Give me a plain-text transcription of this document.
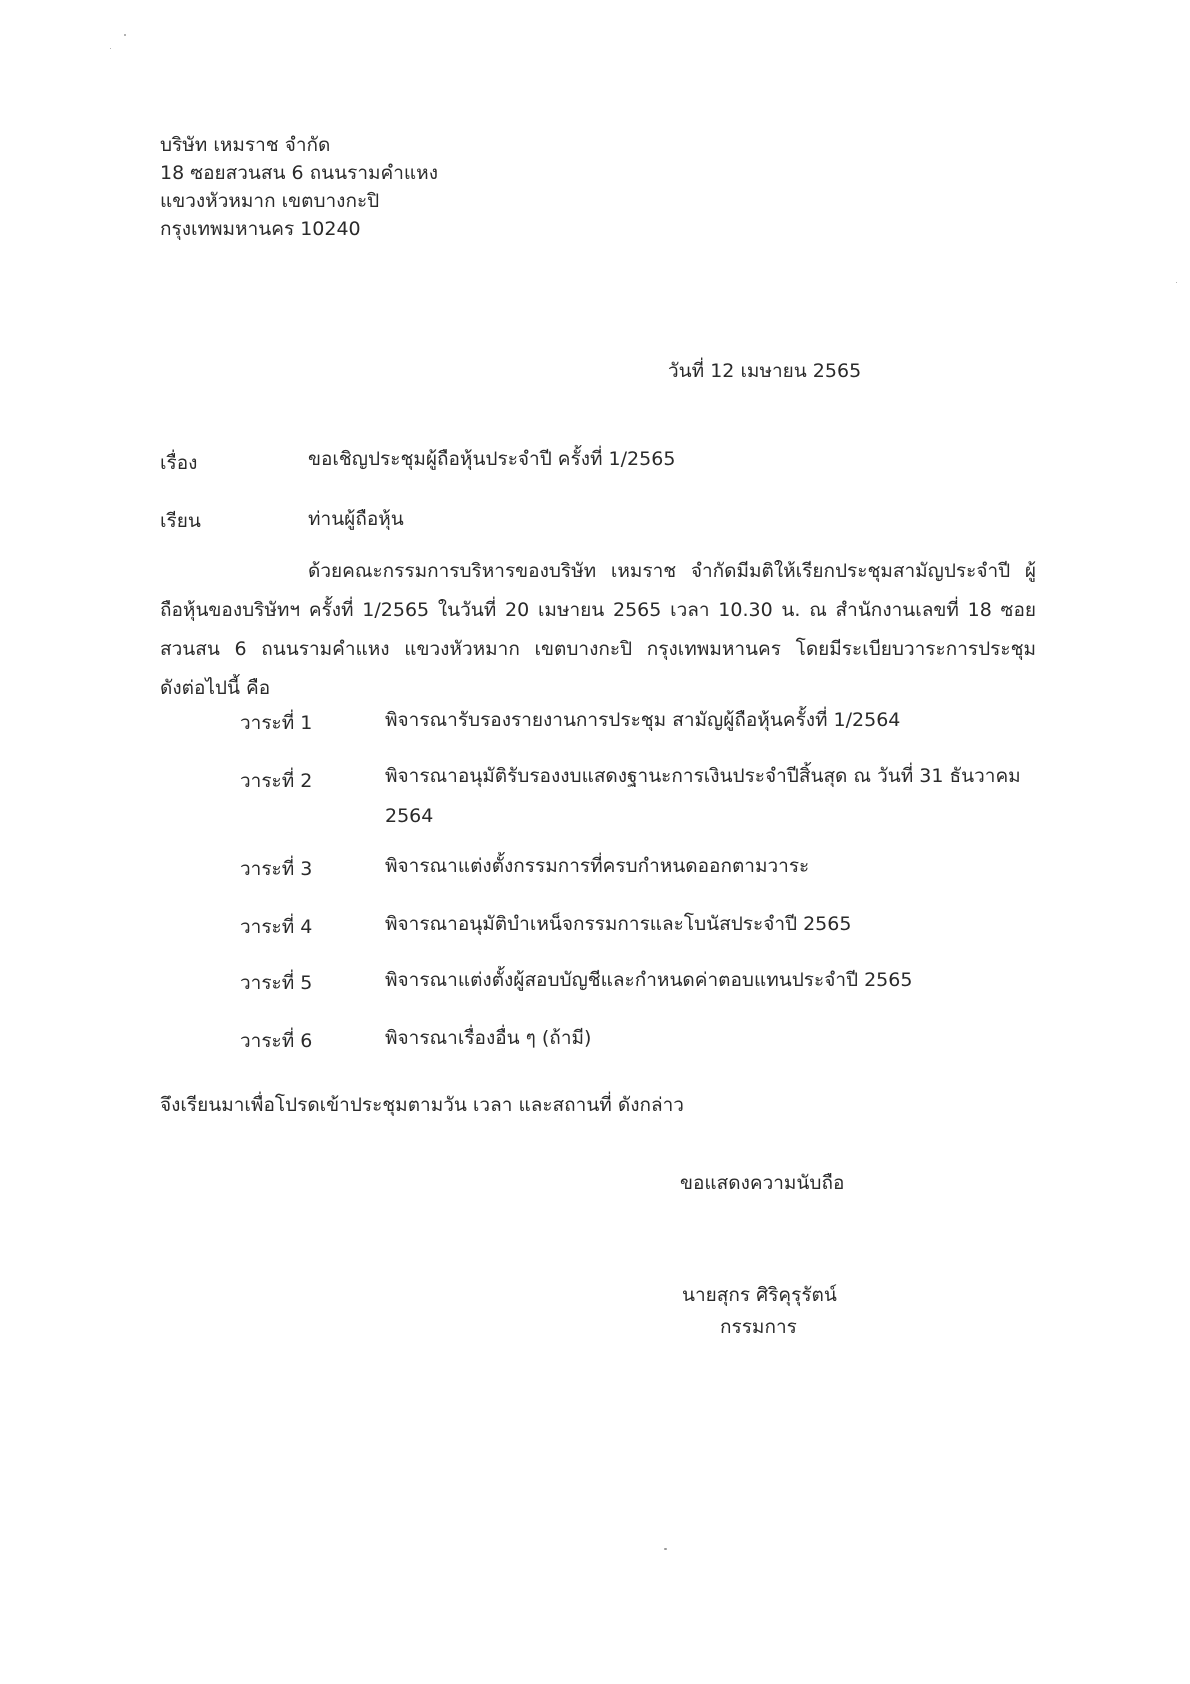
บริษัท เหมราช จำกัด
18 ซอยสวนสน 6 ถนนรามคำแหง
แขวงหัวหมาก เขตบางกะปิ
กรุงเทพมหานคร 10240
วันที่ 12 เมษายน 2565
เรื่อง	ขอเชิญประชุมผู้ถือหุ้นประจำปี ครั้งที่ 1/2565
เรียน	ท่านผู้ถือหุ้น
ด้วยคณะกรรมการบริหารของบริษัท เหมราช จำกัดมีมติให้เรียกประชุมสามัญประจำปี ผู้
ถือหุ้นของบริษัทฯ ครั้งที่ 1/2565 ในวันที่ 20 เมษายน 2565 เวลา 10.30 น. ณ สำนักงานเลขที่ 18 ซอย
สวนสน 6 ถนนรามคำแหง แขวงหัวหมาก เขตบางกะปิ กรุงเทพมหานคร โดยมีระเบียบวาระการประชุม
ดังต่อไปนี้ คือ
วาระที่ 1	พิจารณารับรองรายงานการประชุม สามัญผู้ถือหุ้นครั้งที่ 1/2564
วาระที่ 2	พิจารณาอนุมัติรับรองงบแสดงฐานะการเงินประจำปีสิ้นสุด ณ วันที่ 31 ธันวาคม 2564
วาระที่ 3	พิจารณาแต่งตั้งกรรมการที่ครบกำหนดออกตามวาระ
วาระที่ 4	พิจารณาอนุมัติบำเหน็จกรรมการและโบนัสประจำปี 2565
วาระที่ 5	พิจารณาแต่งตั้งผู้สอบบัญชีและกำหนดค่าตอบแทนประจำปี 2565
วาระที่ 6	พิจารณาเรื่องอื่น ๆ (ถ้ามี)
จึงเรียนมาเพื่อโปรดเข้าประชุมตามวัน เวลา และสถานที่ ดังกล่าว
ขอแสดงความนับถือ
นายสุกร ศิริคุรุรัตน์
กรรมการ
